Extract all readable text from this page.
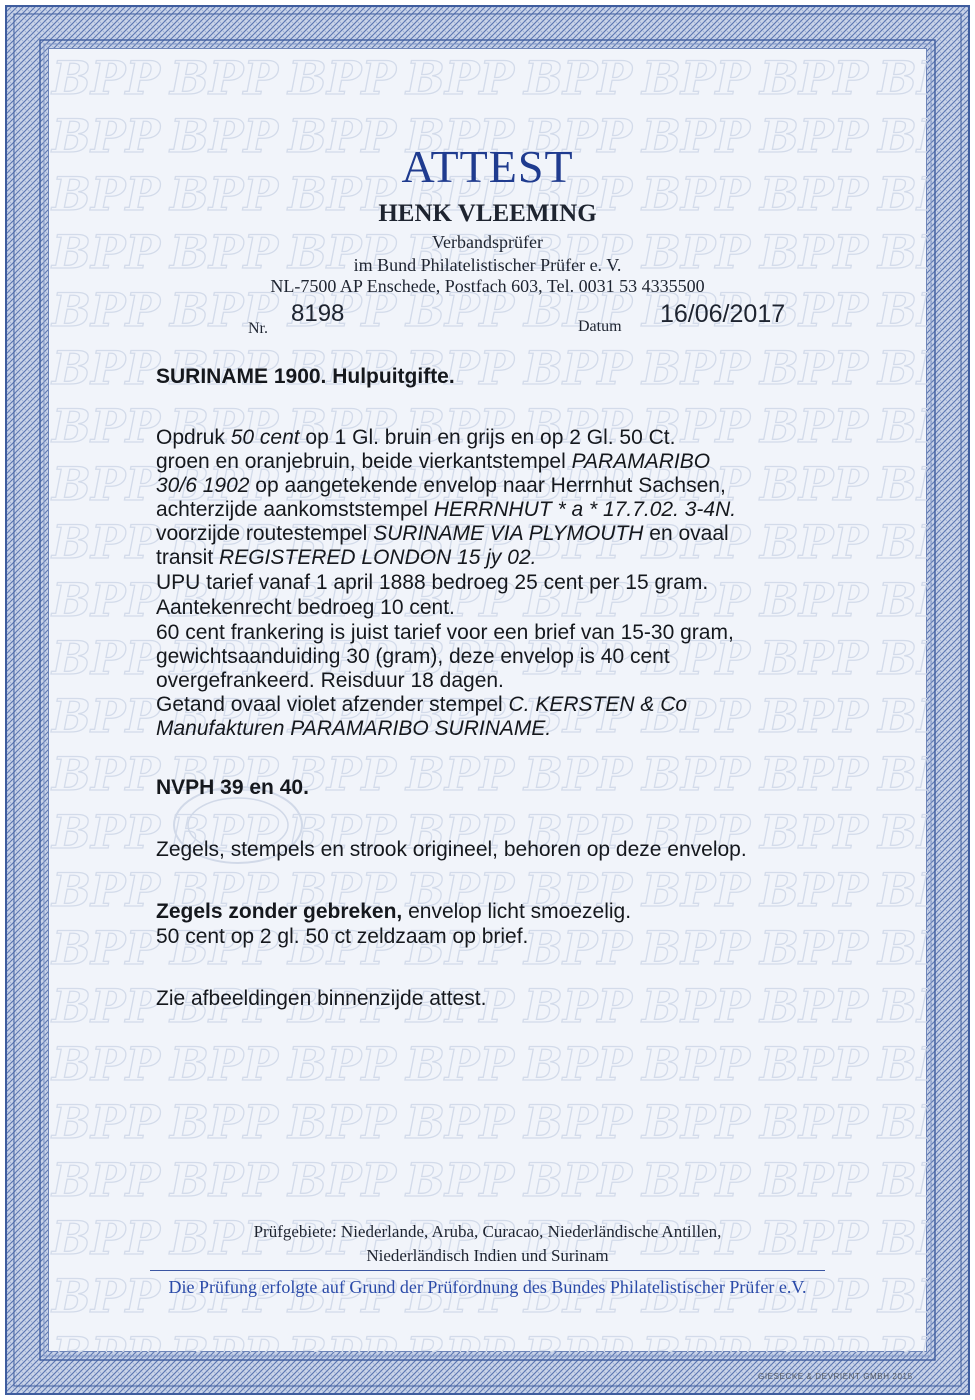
ATTEST
HENK VLEEMING
Verbandsprüfer
im Bund Philatelistischer Prüfer e. V.
NL-7500 AP Enschede, Postfach 603, Tel. 0031 53 4335500
Nr.
8198	Datum 16/06/2017
SURINAME 1900. Hulpuitgifte.
Opdruk 50 cent op 1 Gl. bruin en grijs en op 2 Gl. 50 Ct.
groen en oranjebruin, beide vierkantstempel PARAMARIBO
30/6 1902 op aangetekende envelop naar Herrnhut Sachsen,
achterzijde aankomststempel HERRNHUT * a * 17.7.02. 3-4N.
voorzijde routestempel SURINAME VIA PLYMOUTH en ovaal
transit REGISTERED LONDON 15 jy 02.
UPU tarief vanaf 1 april 1888 bedroeg 25 cent per 15 gram.
Aantekenrecht bedroeg 10 cent.
60 cent frankering is juist tarief voor een brief van 15-30 gram,
gewichtsaanduiding 30 (gram), deze envelop is 40 cent
overgefrankeerd. Reisduur 18 dagen.
Getand ovaal violet afzender stempel C. KERSTEN & Co
Manufakturen PARAMARIBO SURINAME.
NVPH 39 en 40.
Zegels, stempels en strook origineel, behoren op deze envelop.
Zegels zonder gebreken, envelop licht smoezelig.
50 cent op 2 gl. 50 ct zeldzaam op brief.
Zie afbeeldingen binnenzijde attest.
Prüfgebiete: Niederlande, Aruba, Curacao, Niederländische Antillen,
Niederländisch Indien und Surinam
Die Prüfung erfolgte auf Grund der Prüfordnung des Bundes Philatelistischer Prüfer e.V.
GIESECKE & DEVRIENT GMBH 2015
